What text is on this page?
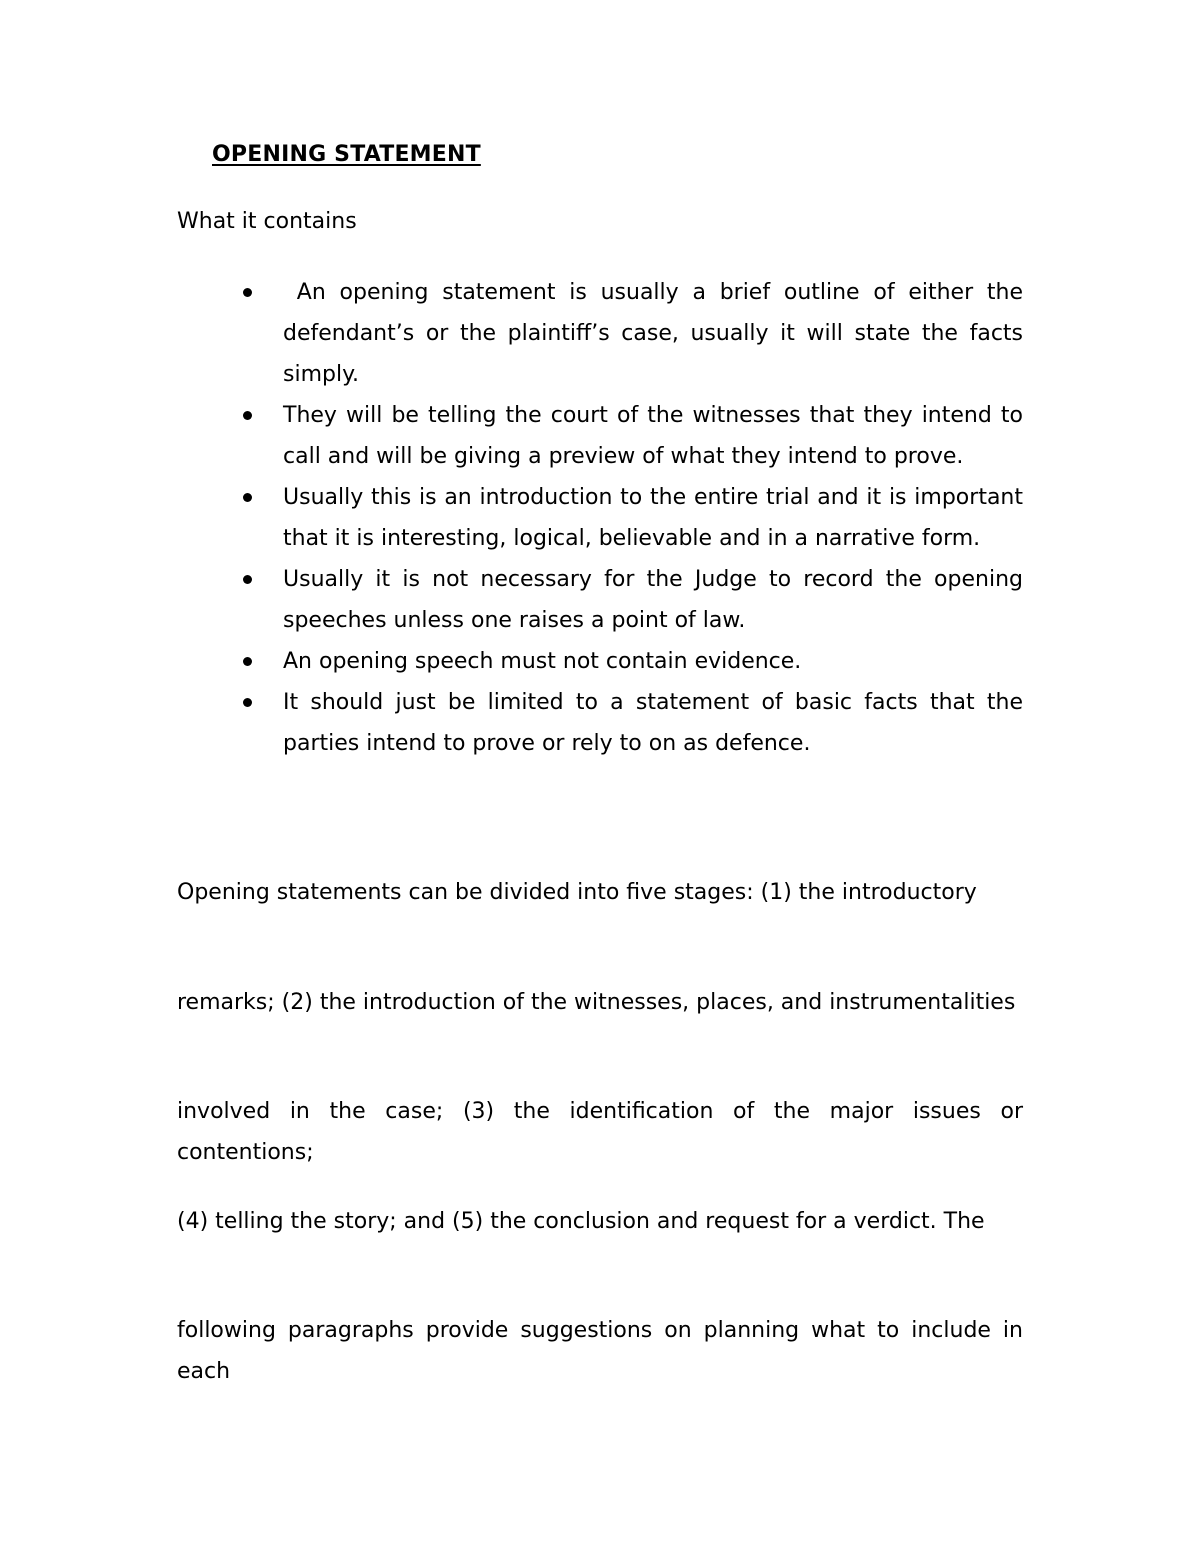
OPENING STATEMENT
What it contains
An opening statement is usually a brief outline of either the defendant’s or the plaintiff’s case, usually it will state the facts simply.
They will be telling the court of the witnesses that they intend to call and will be giving a preview of what they intend to prove.
Usually this is an introduction to the entire trial and it is important that it is interesting, logical, believable and in a narrative form.
Usually it is not necessary for the Judge to record the opening speeches unless one raises a point of law.
An opening speech must not contain evidence.
It should just be limited to a statement of basic facts that the parties intend to prove or rely to on as defence.

Opening statements can be divided into five stages: (1) the introductory

remarks; (2) the introduction of the witnesses, places, and instrumentalities

involved in the case; (3) the identification of the major issues or contentions;

(4) telling the story; and (5) the conclusion and request for a verdict. The

following paragraphs provide suggestions on planning what to include in each
